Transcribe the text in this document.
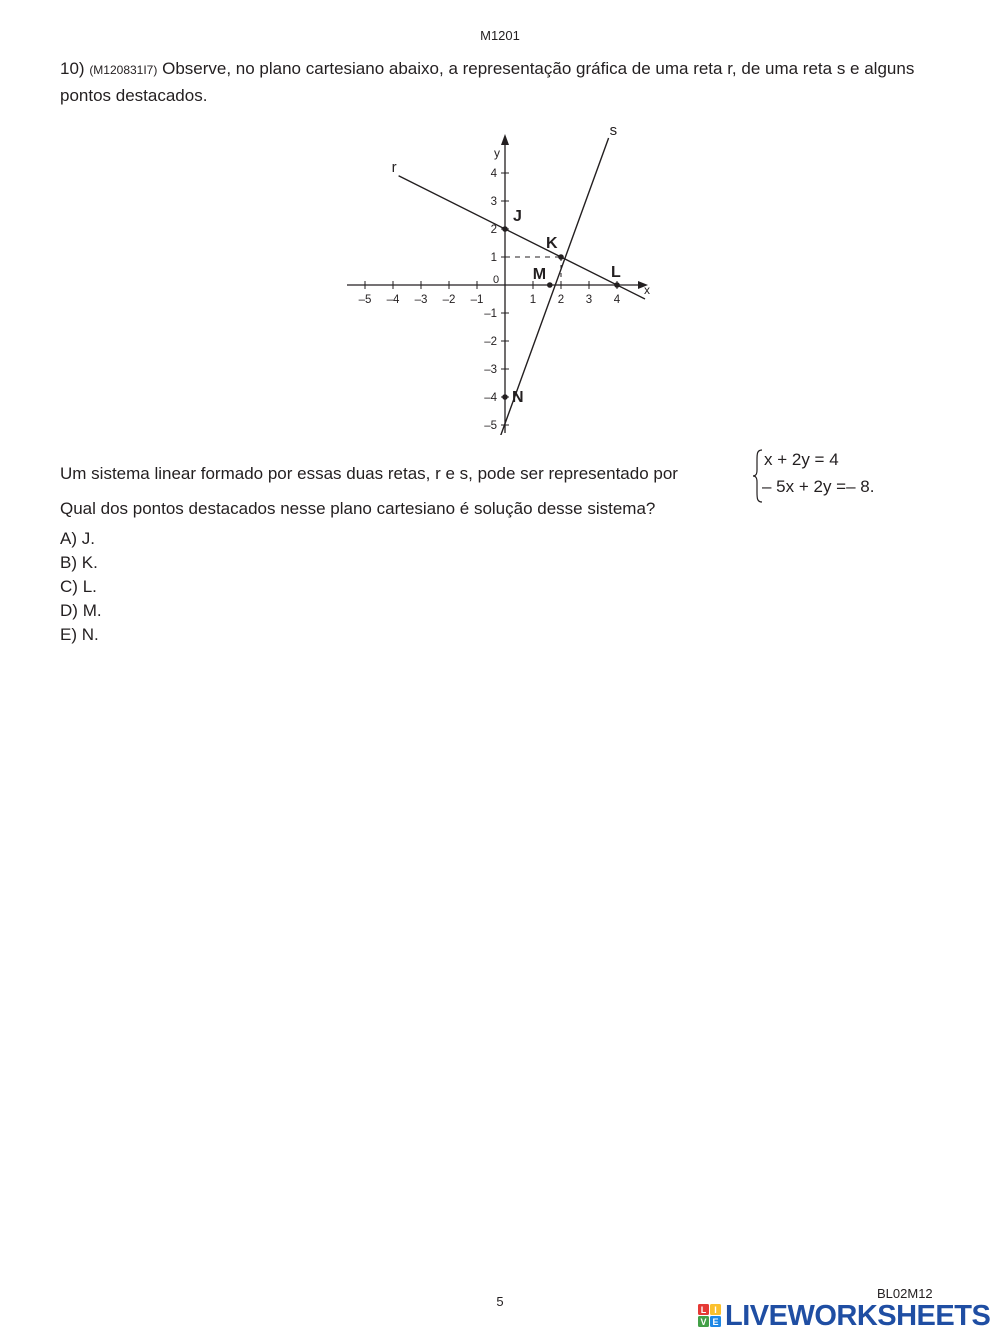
M1201
10) (M120831I7) Observe, no plano cartesiano abaixo, a representação gráfica de uma reta r, de uma reta s e alguns pontos destacados.
x
y
0
–5 –4 –3 –2 –1	1 2 3 4
–5
–4
–3
–2
–1
1
2
3
4
r
s
J
K
L
M
N
Um sistema linear formado por essas duas retas, r e s, pode ser representado por
x + 2y = 4
– 5x + 2y =– 8.
Qual dos pontos destacados nesse plano cartesiano é solução desse sistema?
A) J.
B) K.
C) L.
D) M.
E) N.
5
BL02M12
L I
V E LIVEWORKSHEETS
